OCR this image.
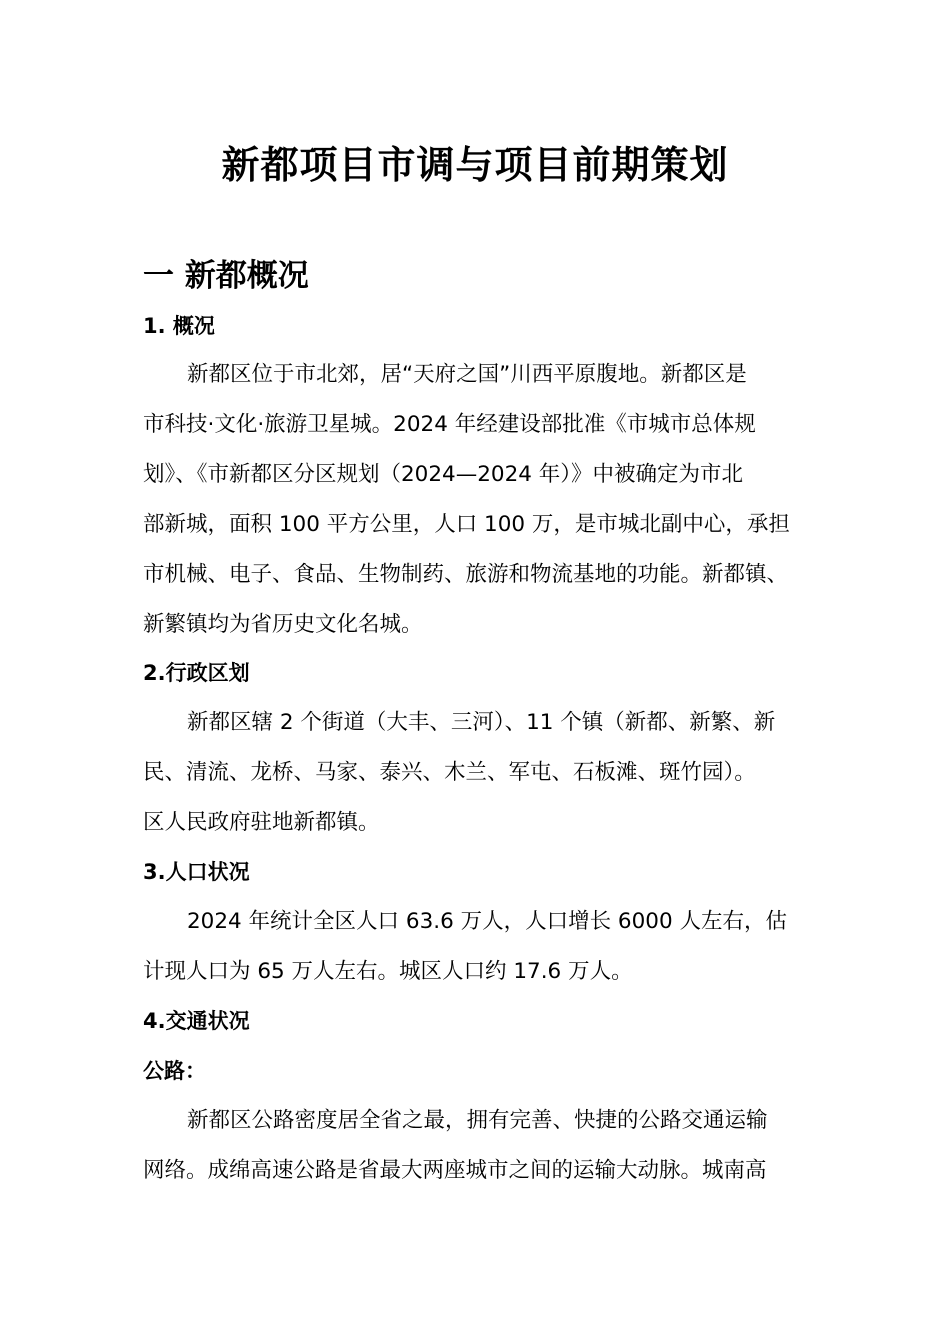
新都项目市调与项目前期策划
一 新都概况
1. 概况
新都区位于市北郊，居“天府之国”川西平原腹地。新都区是
市科技·文化·旅游卫星城。2024 年经建设部批准《市城市总体规
划》、《市新都区分区规划（2024—2024 年）》中被确定为市北
部新城，面积 100 平方公里，人口 100 万，是市城北副中心，承担
市机械、电子、食品、生物制药、旅游和物流基地的功能。新都镇、
新繁镇均为省历史文化名城。
2.行政区划
新都区辖 2 个街道（大丰、三河）、11 个镇（新都、新繁、新
民、清流、龙桥、马家、泰兴、木兰、军屯、石板滩、斑竹园）。
区人民政府驻地新都镇。
3.人口状况
2024 年统计全区人口 63.6 万人，人口增长 6000 人左右，估
计现人口为 65 万人左右。城区人口约 17.6 万人。
4.交通状况
公路：
新都区公路密度居全省之最，拥有完善、快捷的公路交通运输
网络。成绵高速公路是省最大两座城市之间的运输大动脉。城南高
